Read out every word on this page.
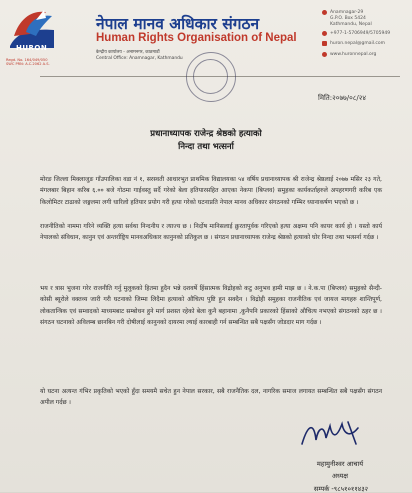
HURON
Regd. No. 164/049/050
SWC PRN: A.C.2062 A.S.
नेपाल मानव अधिकार संगठन
Human Rights Organisation of Nepal
केन्द्रीय कार्यालय - अनामनगर, काठमाडौं
Central Office: Anamnagar, Kathmandu
Anamnagar-29
G.P.O. Box 5424
Kathmandu, Nepal
+977-1-5706949/5705949
huron.nepal@gmail.com
www.huronnepal.org
मिति:२०७७/०८/२४
प्रधानाध्यापक राजेन्द्र श्रेष्ठको हत्याको
निन्दा तथा भत्सर्ना
मोरङ जिल्ला मिक्लाजुङ गाँउपालिका वडा नं १, सरस्वती आधारभुत प्राथमिक विद्यालयका ५४ वर्षिय प्रधानाध्यापक श्री राजेन्द्र श्रेष्ठलाई २०७७ मसिर २३ गते, मंगलबार बिहान करिब ६.०० बजे गोठमा गाईवस्तु सर्दै गरेको बेला हतियारसहित आएका नेकपा (बिप्लव) समुहका कार्यकर्ताहरुले अपहरणगरी करिब एक किलोमिटर टाढाको जङ्गलमा लगी धारिलो हतियार प्रयोग गरी हत्या गरेको घटनाप्रति नेपाल मानव अधिकार संगठनको गम्भिर ध्यानाकर्षण भएको छ ।
राजनीतिको नाममा गरिने व्यक्ति हत्या सर्वथा निन्दनीय र त्याज्य छ । निर्दोष मानिसलाई क्रुरतापुर्वक गरिएको हत्या अक्षम्य पनि कायर कार्य हो । यस्तो कार्य नेपालको संविधान, कानुन एवं अन्तर्राष्ट्रिय मानवअधिकार कानुनको प्रतिकुल छ । संगठन प्रधानाध्यापक राजेन्द्र श्रेष्ठको हत्याको घोर निन्दा तथा भत्सर्ना गर्दछ ।
भय र त्रास भुजना गरेर राजनीति गर्नु मुलुकको हितमा हुदैन भन्ने दशवर्षे हिंसात्मक विद्रोहको कटु अनुभव हामी माझ छ । ने.क.पा (बिप्लव) समुहको सैन्दी-कोसी ब्यूरोले वक्तव्य जारी गरी घटनाको जिम्मा लिदैमा हत्याको औचित्य पुष्टि हुन सक्दैन । विद्रोही समुहका राजनीतिक एवं जायज मागहरु शान्तिपूर्ण, लोकतान्त्रिक एवं सम्वादको माध्यमबाट सम्बोधन हुने मार्ग प्रशस्त रहेको बेला कुनै बहानामा ,कुनैपनि प्रकारको हिंसाको औचित्य नभएको संगठनको ठहर छ । संगठन घटनाको अविलम्ब छानबिन गरी दोषीलाई कानुनको दायरमा ल्याई कारबाही गर्न सम्बन्धित सबै पक्षसँग जोडदार माग गर्दछ ।
यो घटना अत्यन्त गंभिर प्रकृतिको भएकोे हुँदा समयमै सचेत हुन नेपाल सरकार, सबै राजनैतिक दल, नागरिक समाज लगायत सम्बन्धित सबै पक्षसँग संगठन अपील गर्दछ ।
महामुनीश्वर आचार्य
अध्यक्ष
सम्पर्क -९८५१०११४३२
